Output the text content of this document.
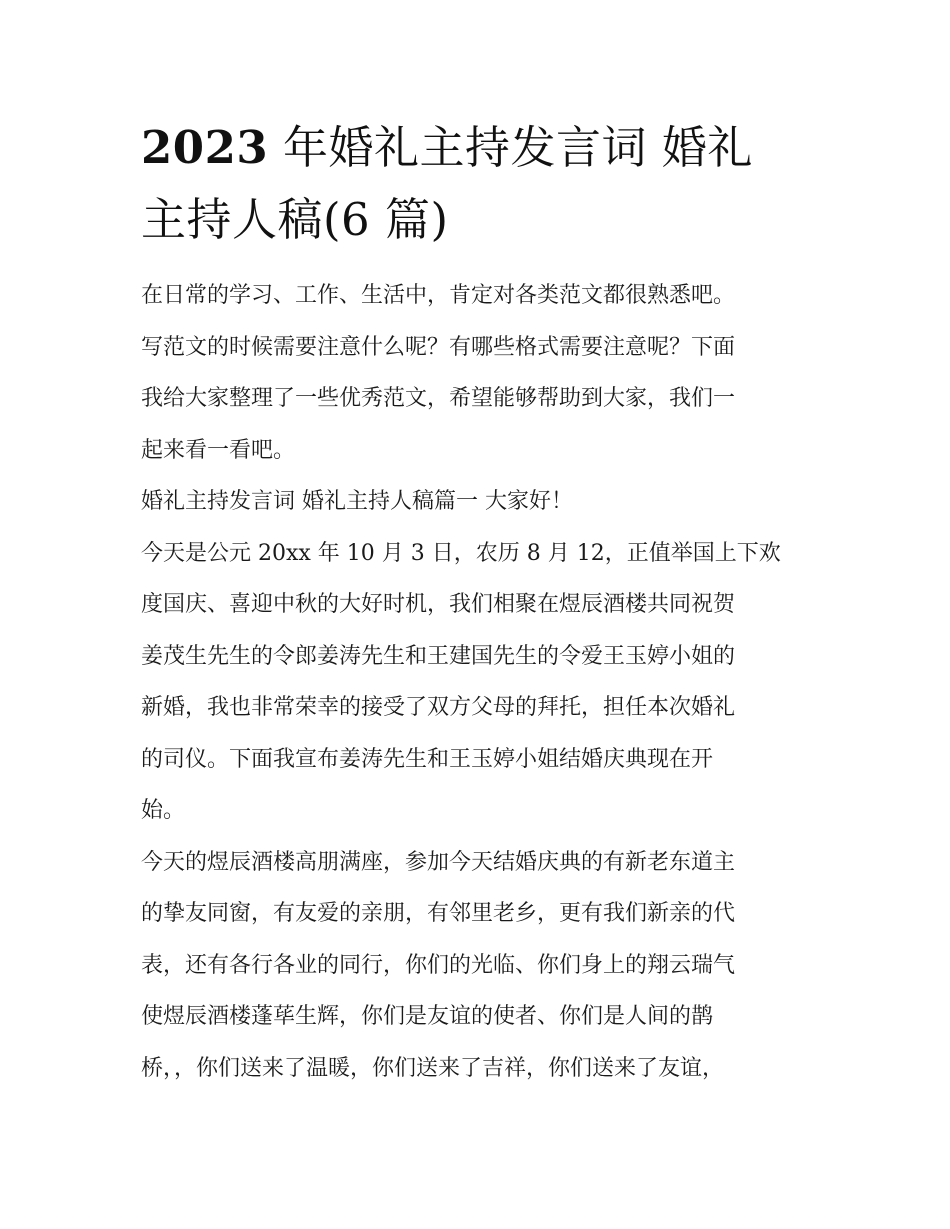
2023 年婚礼主持发言词 婚礼
主持人稿(6 篇)
在日常的学习、工作、生活中，肯定对各类范文都很熟悉吧。
写范文的时候需要注意什么呢？有哪些格式需要注意呢？下面
我给大家整理了一些优秀范文，希望能够帮助到大家，我们一
起来看一看吧。
婚礼主持发言词 婚礼主持人稿篇一 大家好！
今天是公元 20xx 年 10 月 3 日，农历 8 月 12，正值举国上下欢
度国庆、喜迎中秋的大好时机，我们相聚在煜辰酒楼共同祝贺
姜茂生先生的令郎姜涛先生和王建国先生的令爱王玉婷小姐的
新婚，我也非常荣幸的接受了双方父母的拜托，担任本次婚礼
的司仪。下面我宣布姜涛先生和王玉婷小姐结婚庆典现在开
始。
今天的煜辰酒楼高朋满座，参加今天结婚庆典的有新老东道主
的挚友同窗，有友爱的亲朋，有邻里老乡，更有我们新亲的代
表，还有各行各业的同行，你们的光临、你们身上的翔云瑞气
使煜辰酒楼蓬荜生辉，你们是友谊的使者、你们是人间的鹊
桥，，你们送来了温暖，你们送来了吉祥，你们送来了友谊，
